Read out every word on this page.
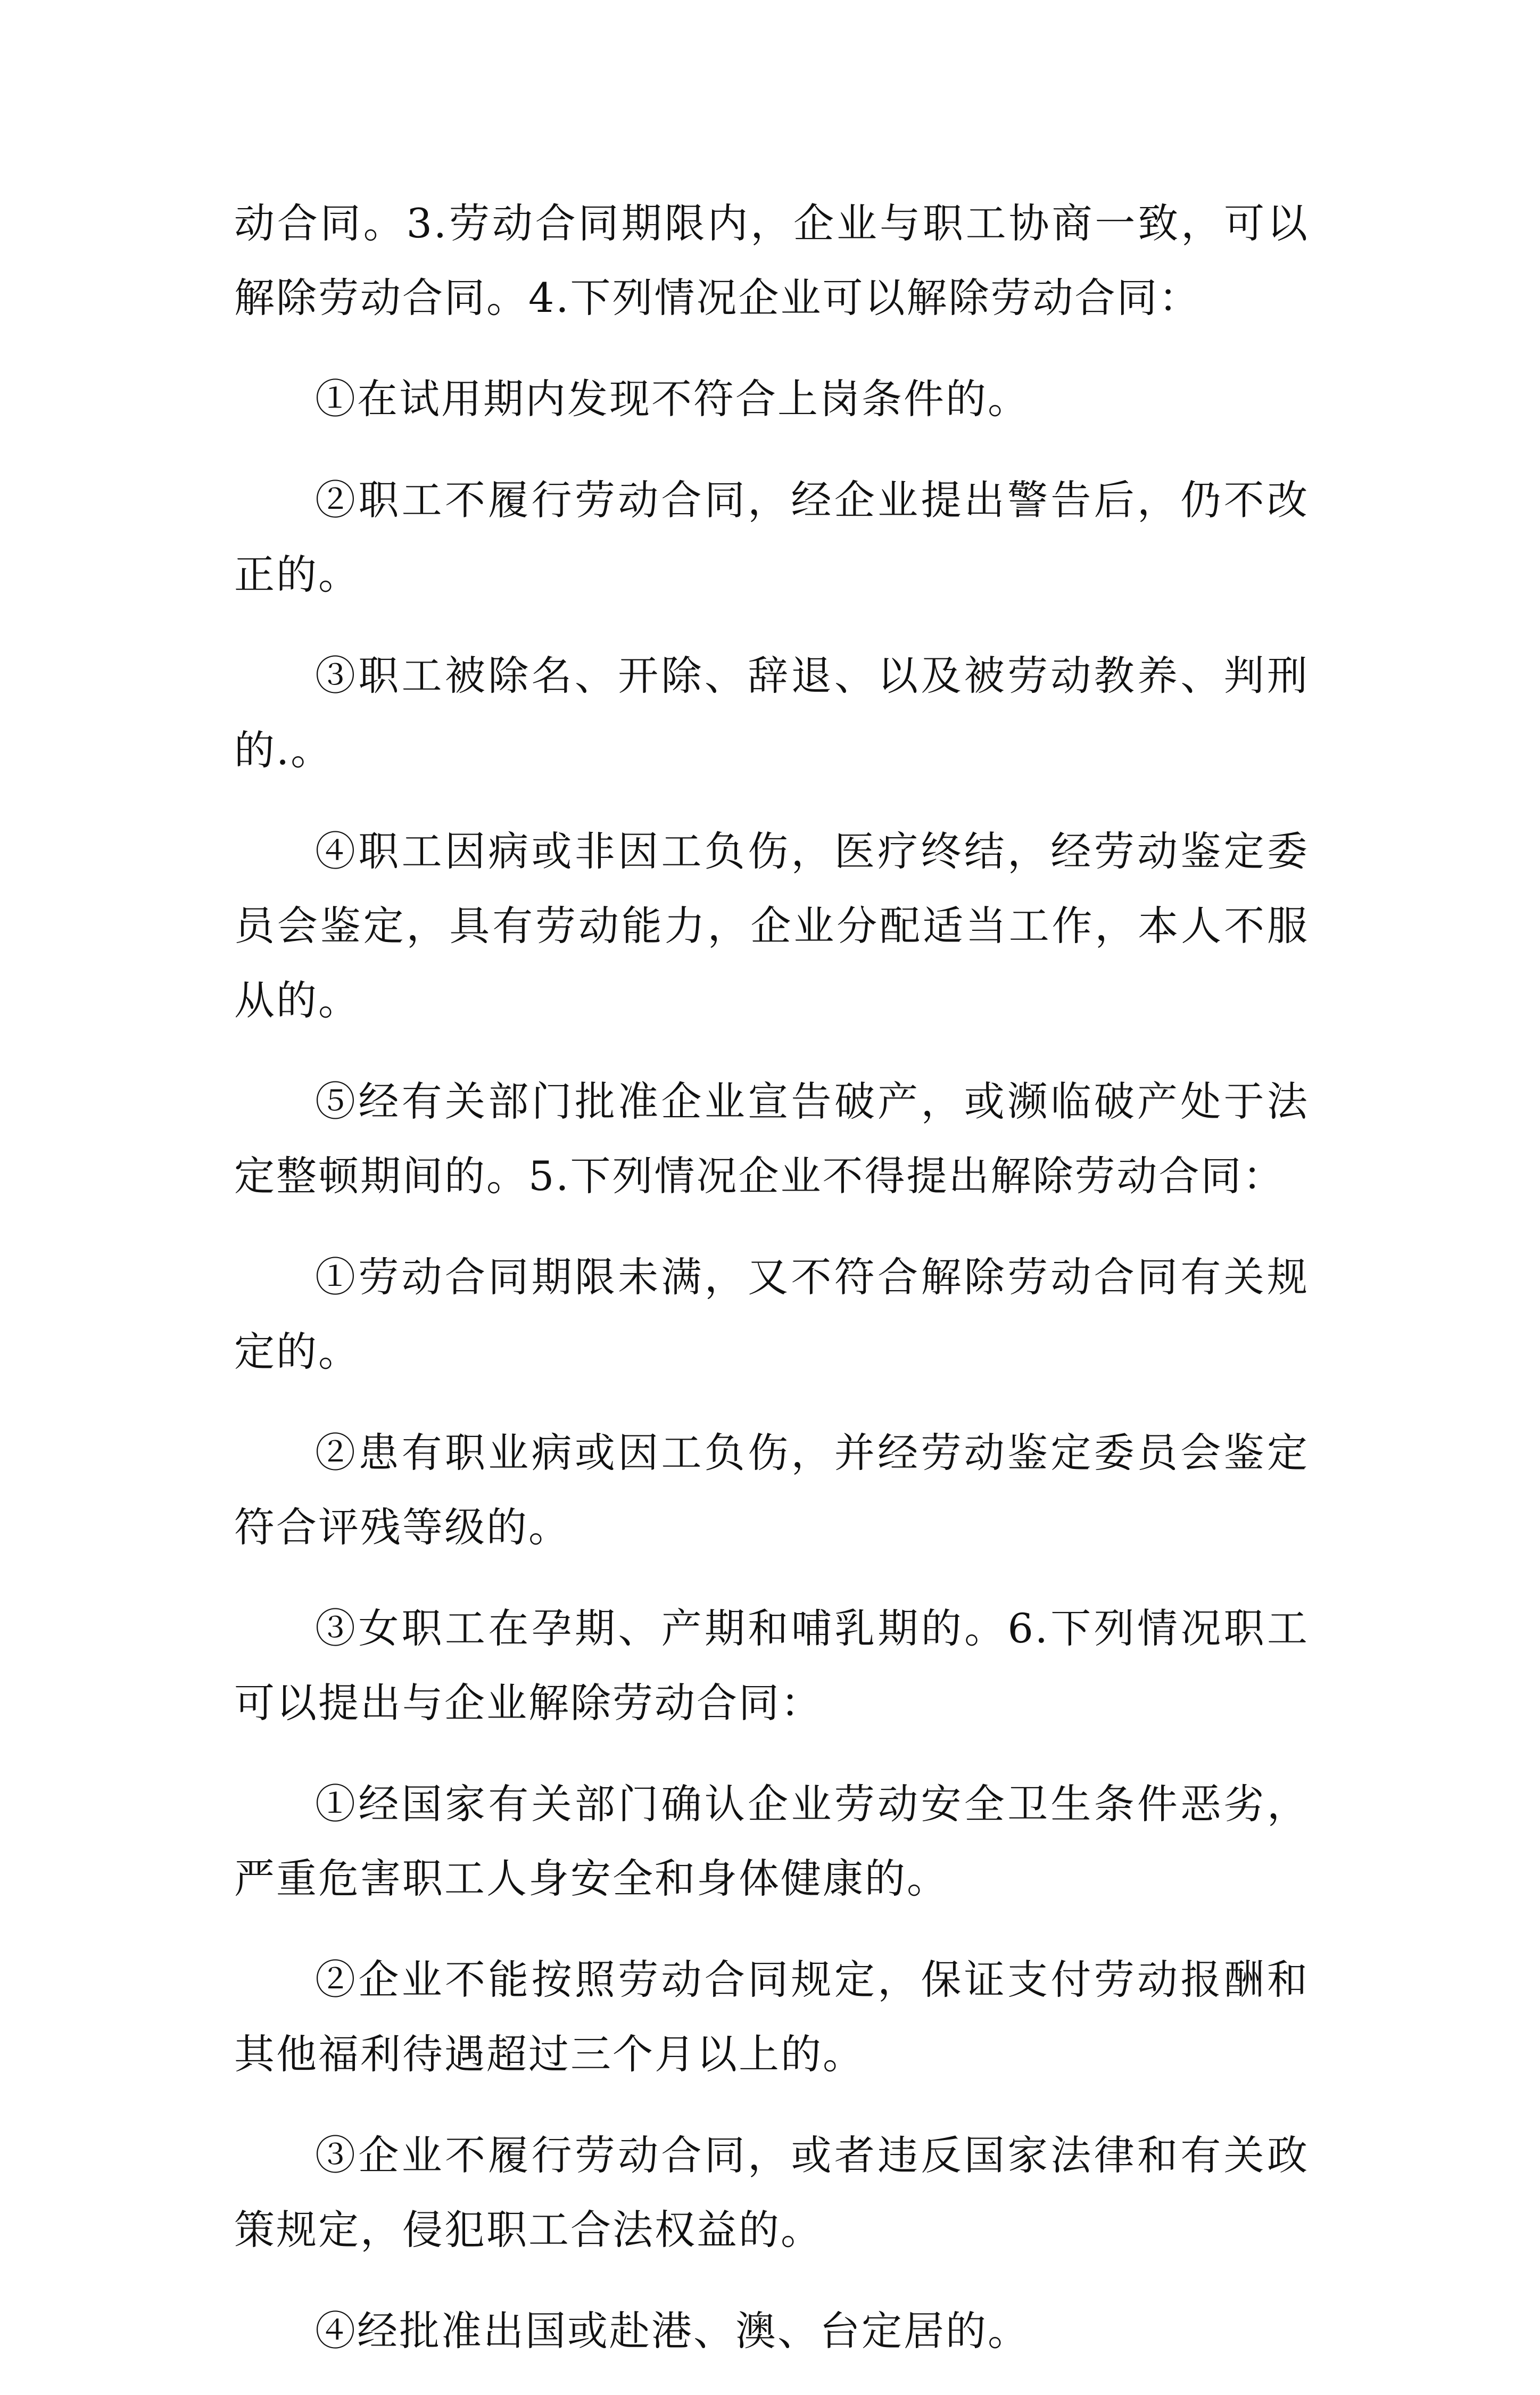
动合同。3.劳动合同期限内，企业与职工协商一致，可以解除劳动合同。4.下列情况企业可以解除劳动合同：

①在试用期内发现不符合上岗条件的。

②职工不履行劳动合同，经企业提出警告后，仍不改正的。

③职工被除名、开除、辞退、以及被劳动教养、判刑的.。

④职工因病或非因工负伤，医疗终结，经劳动鉴定委员会鉴定，具有劳动能力，企业分配适当工作，本人不服从的。

⑤经有关部门批准企业宣告破产，或濒临破产处于法定整顿期间的。5.下列情况企业不得提出解除劳动合同：

①劳动合同期限未满，又不符合解除劳动合同有关规定的。

②患有职业病或因工负伤，并经劳动鉴定委员会鉴定符合评残等级的。

③女职工在孕期、产期和哺乳期的。6.下列情况职工可以提出与企业解除劳动合同：

①经国家有关部门确认企业劳动安全卫生条件恶劣，严重危害职工人身安全和身体健康的。

②企业不能按照劳动合同规定，保证支付劳动报酬和其他福利待遇超过三个月以上的。

③企业不履行劳动合同，或者违反国家法律和有关政策规定，侵犯职工合法权益的。

④经批准出国或赴港、澳、台定居的。
